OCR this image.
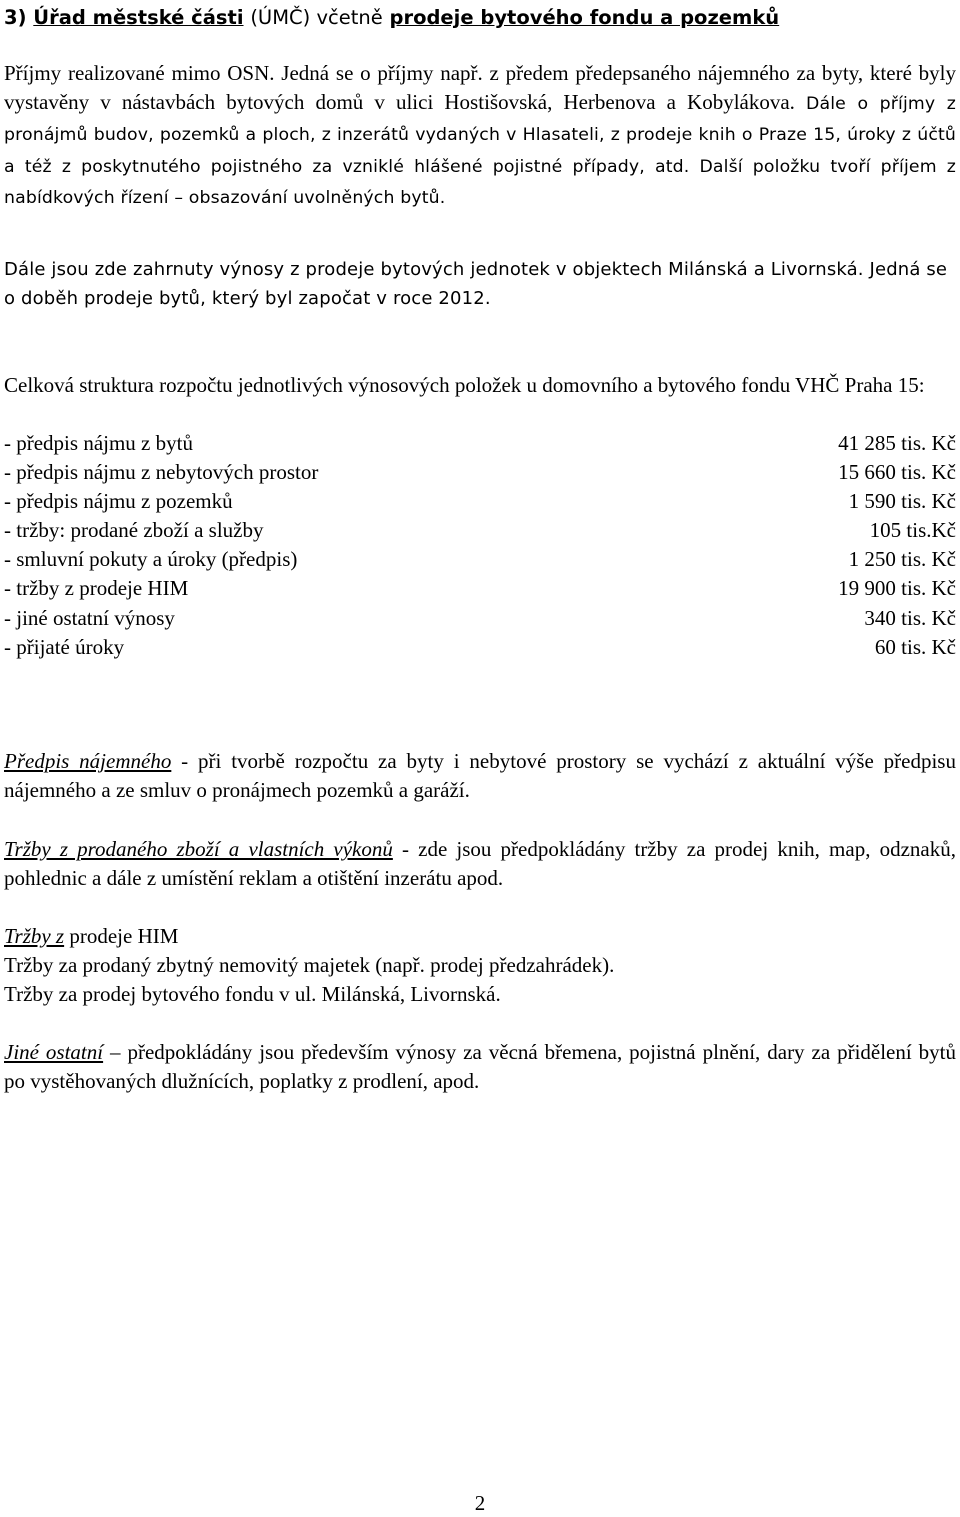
3) Úřad městské části (ÚMČ) včetně prodeje bytového fondu a pozemků

Příjmy realizované mimo OSN. Jedná se o příjmy např. z předem předepsaného nájemného za byty, které byly vystavěny v nástavbách bytových domů v ulici Hostišovská, Herbenova a Kobylákova. Dále o příjmy z pronájmů budov, pozemků a ploch, z inzerátů vydaných v Hlasateli, z prodeje knih o Praze 15, úroky z účtů a též z poskytnutého pojistného za vzniklé hlášené pojistné případy, atd. Další položku tvoří příjem z nabídkových řízení – obsazování uvolněných bytů.

Dále jsou zde zahrnuty výnosy z prodeje bytových jednotek v objektech Milánská a Livornská. Jedná se o doběh prodeje bytů, který byl započat v roce 2012.

Celková struktura rozpočtu jednotlivých výnosových položek u domovního a bytového fondu VHČ Praha 15:

- předpis nájmu z bytů	41 285 tis. Kč
- předpis nájmu z nebytových prostor	15 660 tis. Kč
- předpis nájmu z pozemků	1 590 tis. Kč
- tržby: prodané zboží a služby	105 tis.Kč
- smluvní pokuty a úroky (předpis)	1 250 tis. Kč
- tržby z prodeje HIM	19 900 tis. Kč
- jiné ostatní výnosy	340 tis. Kč
- přijaté úroky	60 tis. Kč

Předpis nájemného - při tvorbě rozpočtu za byty i nebytové prostory se vychází z aktuální výše předpisu nájemného a ze smluv o pronájmech pozemků a garáží.

Tržby z prodaného zboží a vlastních výkonů - zde jsou předpokládány tržby za prodej knih, map, odznaků, pohlednic a dále z umístění reklam a otištění inzerátu apod.

Tržby z prodeje HIM
Tržby za prodaný zbytný nemovitý majetek (např. prodej předzahrádek).
Tržby za prodej bytového fondu v ul. Milánská, Livornská.

Jiné ostatní – předpokládány jsou především výnosy za věcná břemena, pojistná plnění, dary za přidělení bytů po vystěhovaných dlužnících, poplatky z prodlení, apod.

2
